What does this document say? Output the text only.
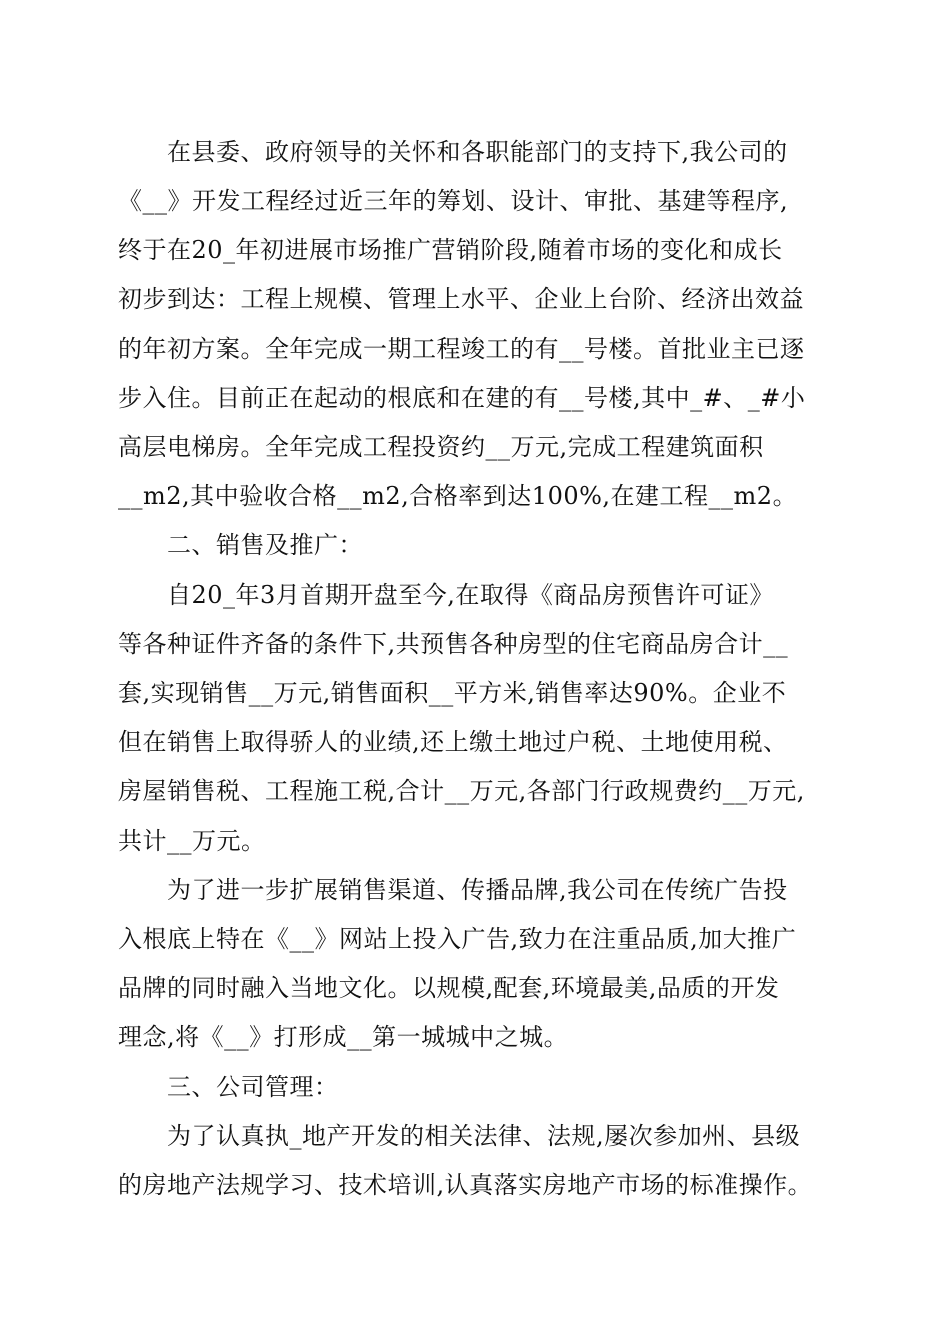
　　在县委、政府领导的关怀和各职能部门的支持下,我公司的
《__》开发工程经过近三年的筹划、设计、审批、基建等程序,
终于在20_年初进展市场推广营销阶段,随着市场的变化和成长
初步到达：工程上规模、管理上水平、企业上台阶、经济出效益
的年初方案。全年完成一期工程竣工的有__号楼。首批业主已逐
步入住。目前正在起动的根底和在建的有__号楼,其中_#、_#小
高层电梯房。全年完成工程投资约__万元,完成工程建筑面积
__m2,其中验收合格__m2,合格率到达100%,在建工程__m2。
　　二、销售及推广：
　　自20_年3月首期开盘至今,在取得《商品房预售许可证》
等各种证件齐备的条件下,共预售各种房型的住宅商品房合计__
套,实现销售__万元,销售面积__平方米,销售率达90%。企业不
但在销售上取得骄人的业绩,还上缴土地过户税、土地使用税、
房屋销售税、工程施工税,合计__万元,各部门行政规费约__万元,
共计__万元。
　　为了进一步扩展销售渠道、传播品牌,我公司在传统广告投
入根底上特在《__》网站上投入广告,致力在注重品质,加大推广
品牌的同时融入当地文化。以规模,配套,环境最美,品质的开发
理念,将《__》打形成__第一城城中之城。
　　三、公司管理：
　　为了认真执_地产开发的相关法律、法规,屡次参加州、县级
的房地产法规学习、技术培训,认真落实房地产市场的标准操作。
